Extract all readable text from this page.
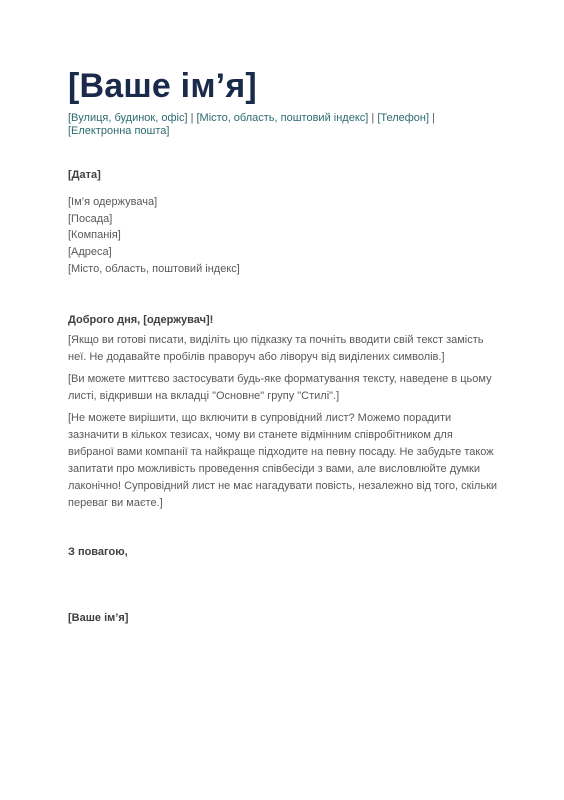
[Ваше ім’я]
[Вулиця, будинок, офіс] | [Місто, область, поштовий індекс] | [Телефон] | [Електронна пошта]
[Дата]
[Ім’я одержувача]
[Посада]
[Компанія]
[Адреса]
[Місто, область, поштовий індекс]
Доброго дня, [одержувач]!
[Якщо ви готові писати, виділіть цю підказку та почніть вводити свій текст замість неї. Не додавайте пробілів праворуч або ліворуч від виділених символів.]
[Ви можете миттєво застосувати будь-яке форматування тексту, наведене в цьому листі, відкривши на вкладці "Основне" групу "Стилі".]
[Не можете вирішити, що включити в супровідний лист? Можемо порадити зазначити в кількох тезисах, чому ви станете відмінним співробітником для вибраної вами компанії та найкраще підходите на певну посаду. Не забудьте також запитати про можливість проведення співбесіди з вами, але висловлюйте думки лаконічно! Супровідний лист не має нагадувати повість, незалежно від того, скільки переваг ви маєте.]
З повагою,
[Ваше ім’я]
